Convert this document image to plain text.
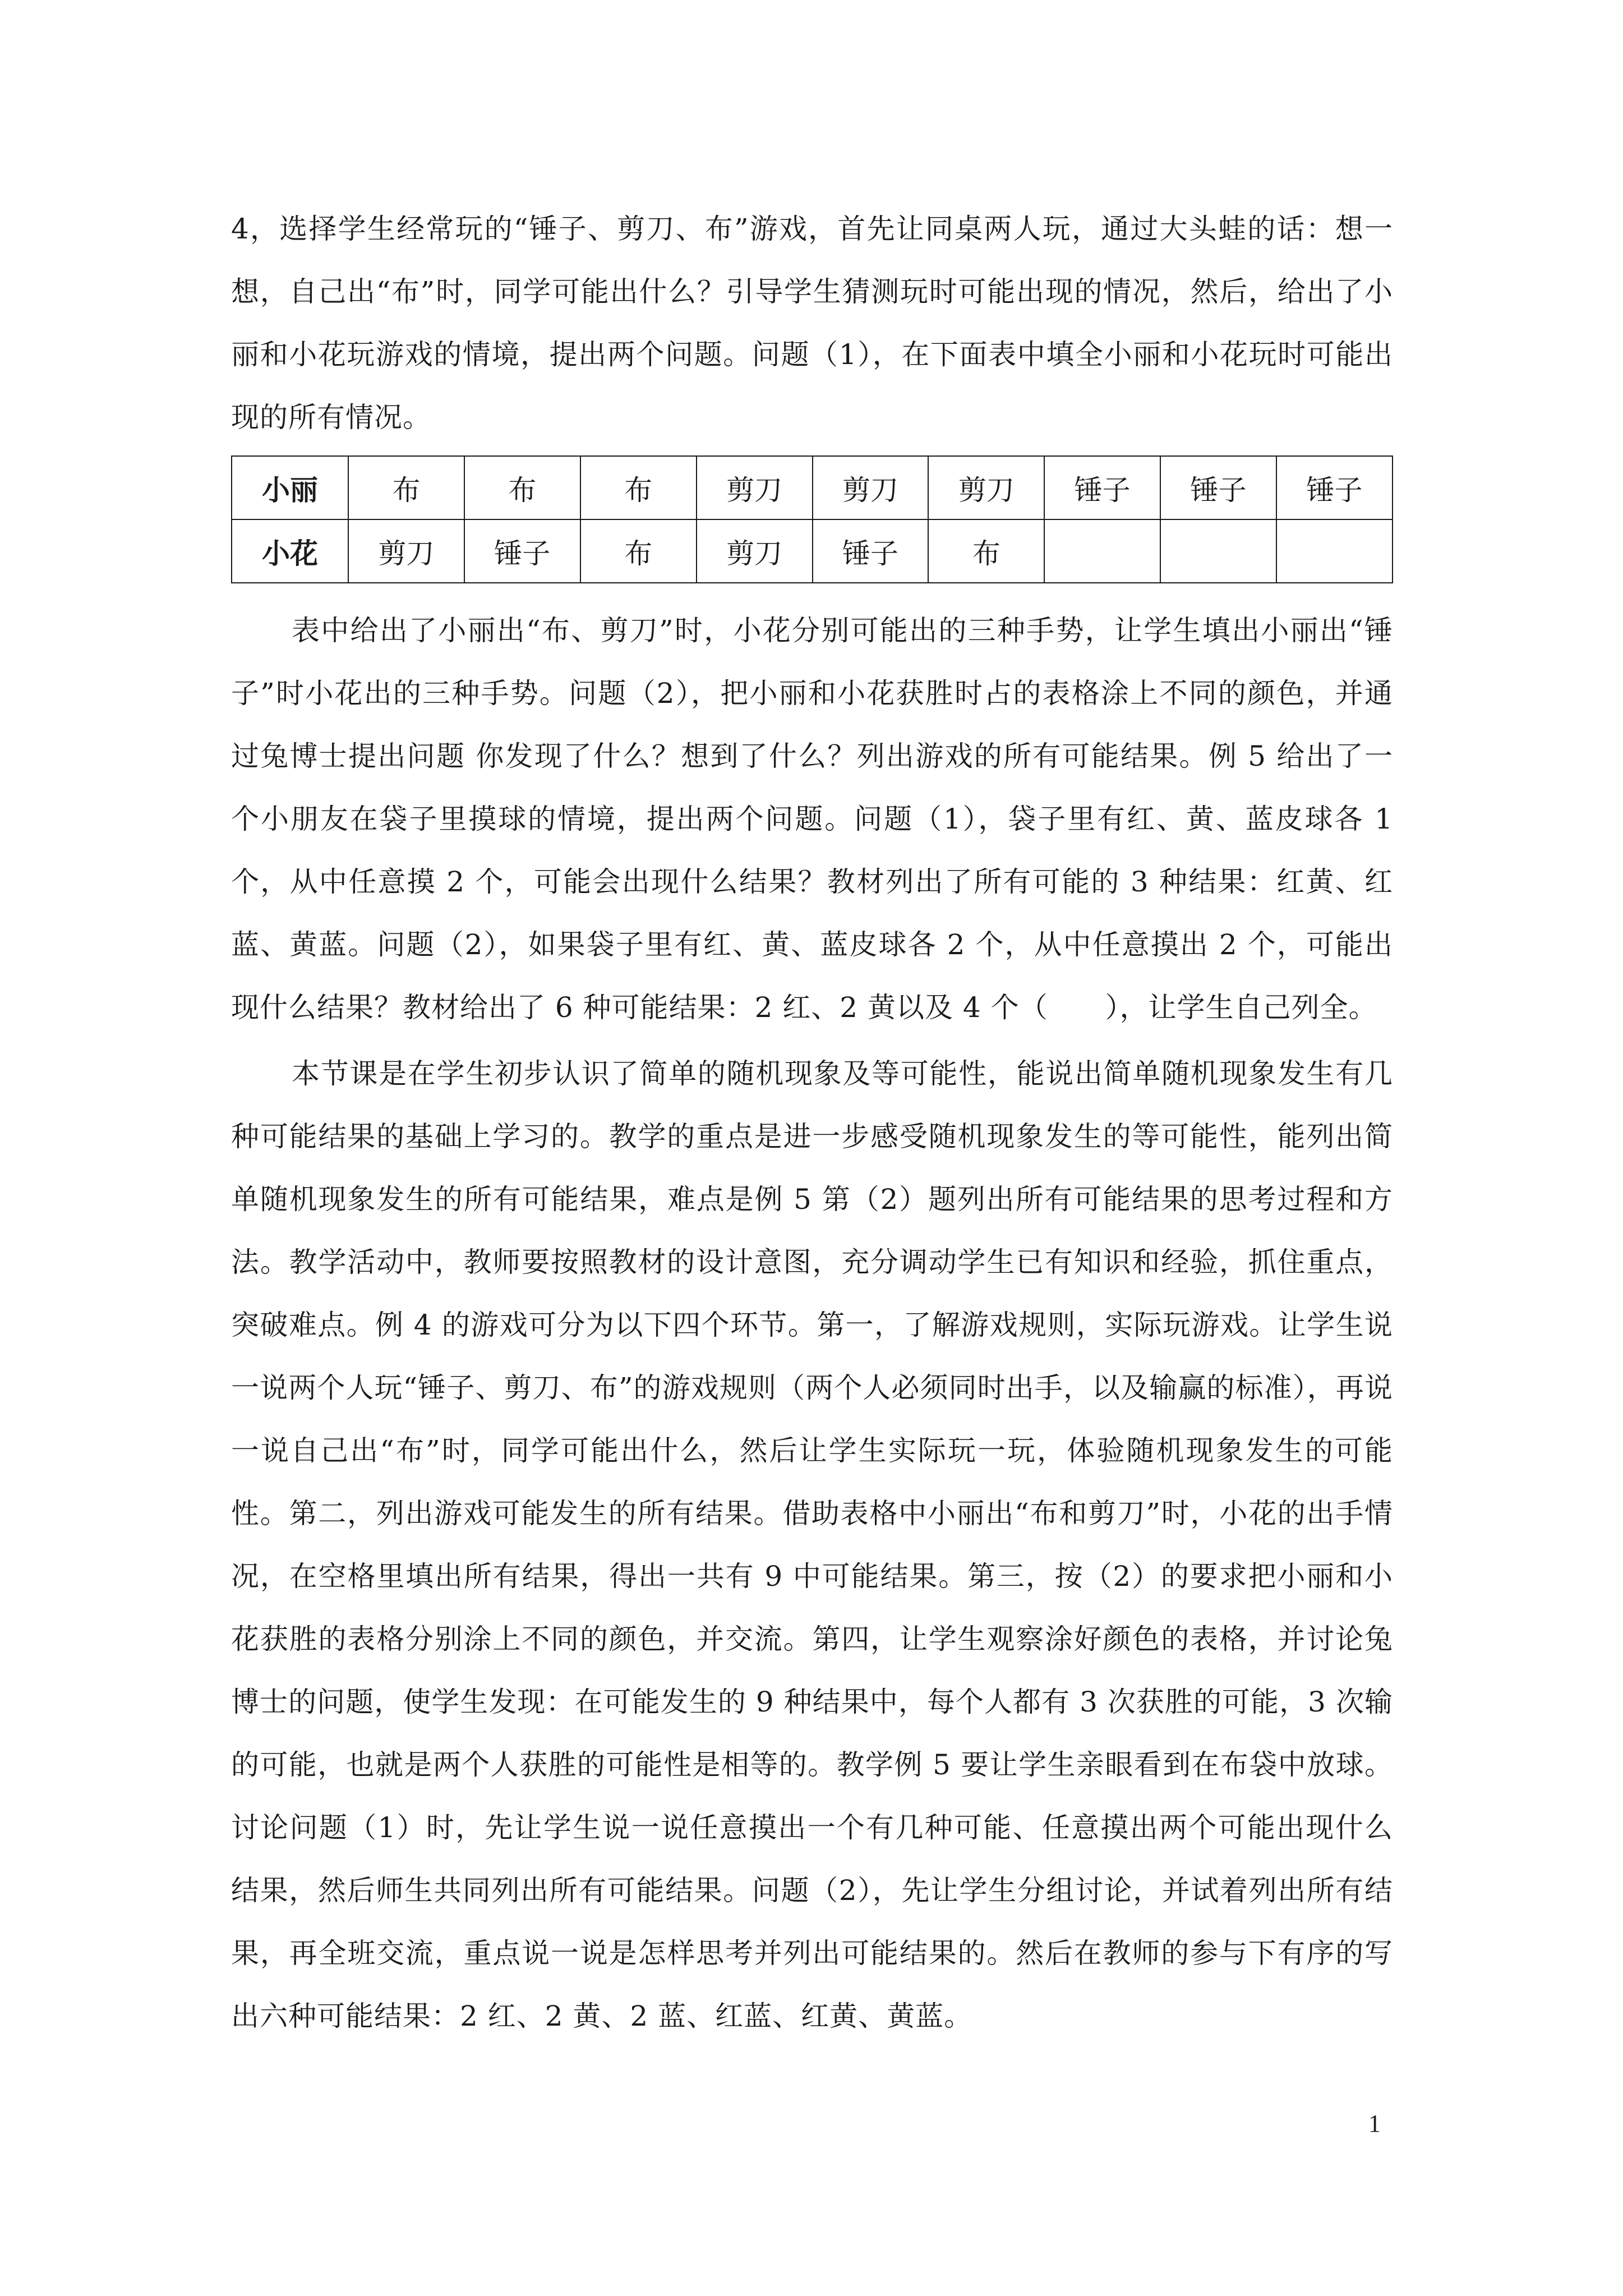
4，选择学生经常玩的“锤子、剪刀、布”游戏，首先让同桌两人玩，通过大头蛙的话：想一想，自己出“布”时，同学可能出什么？引导学生猜测玩时可能出现的情况，然后，给出了小丽和小花玩游戏的情境，提出两个问题。问题（1），在下面表中填全小丽和小花玩时可能出现的所有情况。

小丽	布	布	布	剪刀	剪刀	剪刀	锤子	锤子	锤子
小花	剪刀	锤子	布	剪刀	锤子	布			

表中给出了小丽出“布、剪刀”时，小花分别可能出的三种手势，让学生填出小丽出“锤子”时小花出的三种手势。问题（2），把小丽和小花获胜时占的表格涂上不同的颜色，并通过兔博士提出问题 你发现了什么？想到了什么？列出游戏的所有可能结果。例 5 给出了一个小朋友在袋子里摸球的情境，提出两个问题。问题（1），袋子里有红、黄、蓝皮球各 1 个，从中任意摸 2 个，可能会出现什么结果？教材列出了所有可能的 3 种结果：红黄、红蓝、黄蓝。问题（2），如果袋子里有红、黄、蓝皮球各 2 个，从中任意摸出 2 个，可能出现什么结果？教材给出了 6 种可能结果：2 红、2 黄以及 4 个（　　），让学生自己列全。

本节课是在学生初步认识了简单的随机现象及等可能性，能说出简单随机现象发生有几种可能结果的基础上学习的。教学的重点是进一步感受随机现象发生的等可能性，能列出简单随机现象发生的所有可能结果，难点是例 5 第（2）题列出所有可能结果的思考过程和方法。教学活动中，教师要按照教材的设计意图，充分调动学生已有知识和经验，抓住重点，突破难点。例 4 的游戏可分为以下四个环节。第一，了解游戏规则，实际玩游戏。让学生说一说两个人玩“锤子、剪刀、布”的游戏规则（两个人必须同时出手，以及输赢的标准），再说一说自己出“布”时，同学可能出什么，然后让学生实际玩一玩，体验随机现象发生的可能性。第二，列出游戏可能发生的所有结果。借助表格中小丽出“布和剪刀”时，小花的出手情况，在空格里填出所有结果，得出一共有 9 中可能结果。第三，按（2）的要求把小丽和小花获胜的表格分别涂上不同的颜色，并交流。第四，让学生观察涂好颜色的表格，并讨论兔博士的问题，使学生发现：在可能发生的 9 种结果中，每个人都有 3 次获胜的可能，3 次输的可能，也就是两个人获胜的可能性是相等的。教学例 5 要让学生亲眼看到在布袋中放球。讨论问题（1）时，先让学生说一说任意摸出一个有几种可能、任意摸出两个可能出现什么结果，然后师生共同列出所有可能结果。问题（2），先让学生分组讨论，并试着列出所有结果，再全班交流，重点说一说是怎样思考并列出可能结果的。然后在教师的参与下有序的写出六种可能结果：2 红、2 黄、2 蓝、红蓝、红黄、黄蓝。

1
